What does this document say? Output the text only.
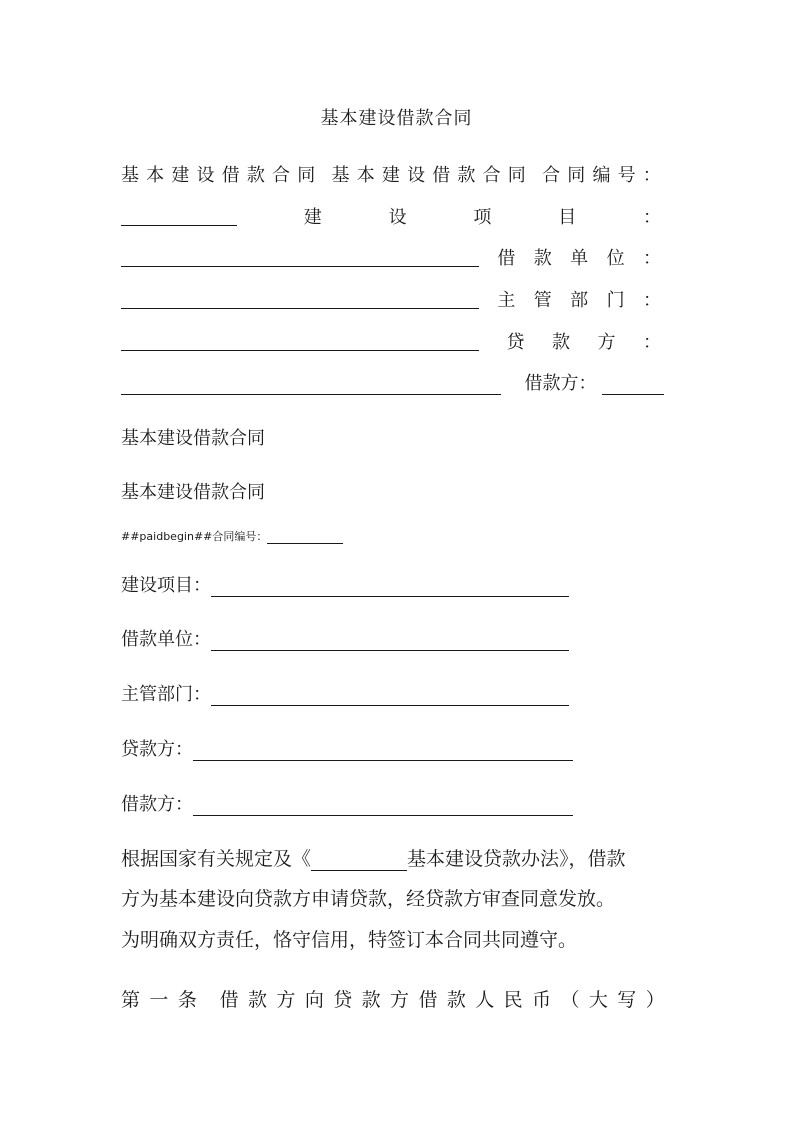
基本建设借款合同
基 本 建 设 借 款 合 同 基 本 建 设 借 款 合 同 合 同 编 号 ：
建	设	项	目	：
借 款 单 位 ：
主 管 部 门 ：
贷 款 方 ：
借款方：
基本建设借款合同
基本建设借款合同
##paidbegin##合同编号：
建设项目：
借款单位：
主管部门：
贷款方：
借款方：
根据国家有关规定及《	基本建设贷款办法》，借款
方为基本建设向贷款方申请贷款，经贷款方审查同意发放。
为明确双方责任，恪守信用，特签订本合同共同遵守。
第 一 条 借 款 方 向 贷 款 方 借 款 人 民 币 （ 大 写 ）
